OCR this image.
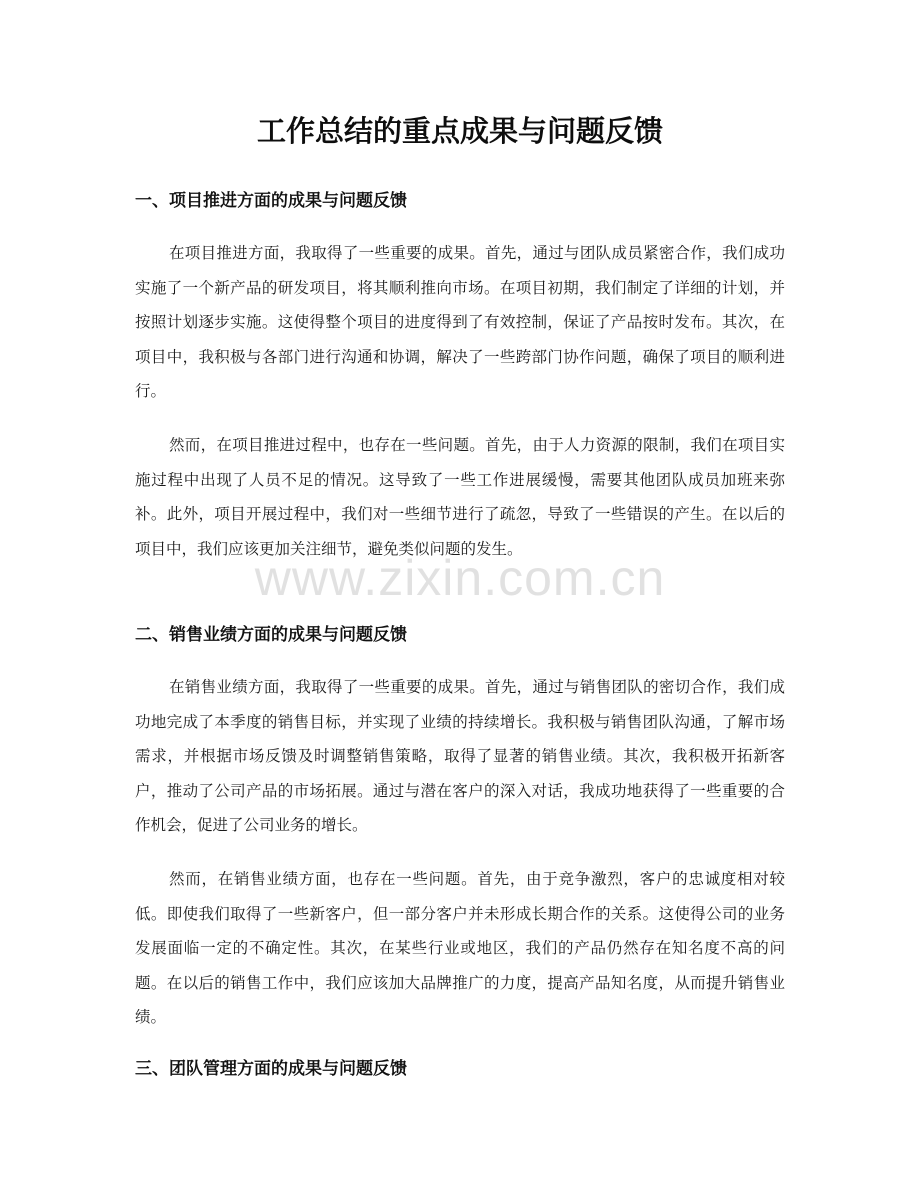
工作总结的重点成果与问题反馈
一、项目推进方面的成果与问题反馈

在项目推进方面，我取得了一些重要的成果。首先，通过与团队成员紧密合作，我们成功实施了一个新产品的研发项目，将其顺利推向市场。在项目初期，我们制定了详细的计划，并按照计划逐步实施。这使得整个项目的进度得到了有效控制，保证了产品按时发布。其次，在项目中，我积极与各部门进行沟通和协调，解决了一些跨部门协作问题，确保了项目的顺利进行。

然而，在项目推进过程中，也存在一些问题。首先，由于人力资源的限制，我们在项目实施过程中出现了人员不足的情况。这导致了一些工作进展缓慢，需要其他团队成员加班来弥补。此外，项目开展过程中，我们对一些细节进行了疏忽，导致了一些错误的产生。在以后的项目中，我们应该更加关注细节，避免类似问题的发生。

二、销售业绩方面的成果与问题反馈

在销售业绩方面，我取得了一些重要的成果。首先，通过与销售团队的密切合作，我们成功地完成了本季度的销售目标，并实现了业绩的持续增长。我积极与销售团队沟通，了解市场需求，并根据市场反馈及时调整销售策略，取得了显著的销售业绩。其次，我积极开拓新客户，推动了公司产品的市场拓展。通过与潜在客户的深入对话，我成功地获得了一些重要的合作机会，促进了公司业务的增长。

然而，在销售业绩方面，也存在一些问题。首先，由于竞争激烈，客户的忠诚度相对较低。即使我们取得了一些新客户，但一部分客户并未形成长期合作的关系。这使得公司的业务发展面临一定的不确定性。其次，在某些行业或地区，我们的产品仍然存在知名度不高的问题。在以后的销售工作中，我们应该加大品牌推广的力度，提高产品知名度，从而提升销售业绩。

三、团队管理方面的成果与问题反馈
www.zixin.com.cn
